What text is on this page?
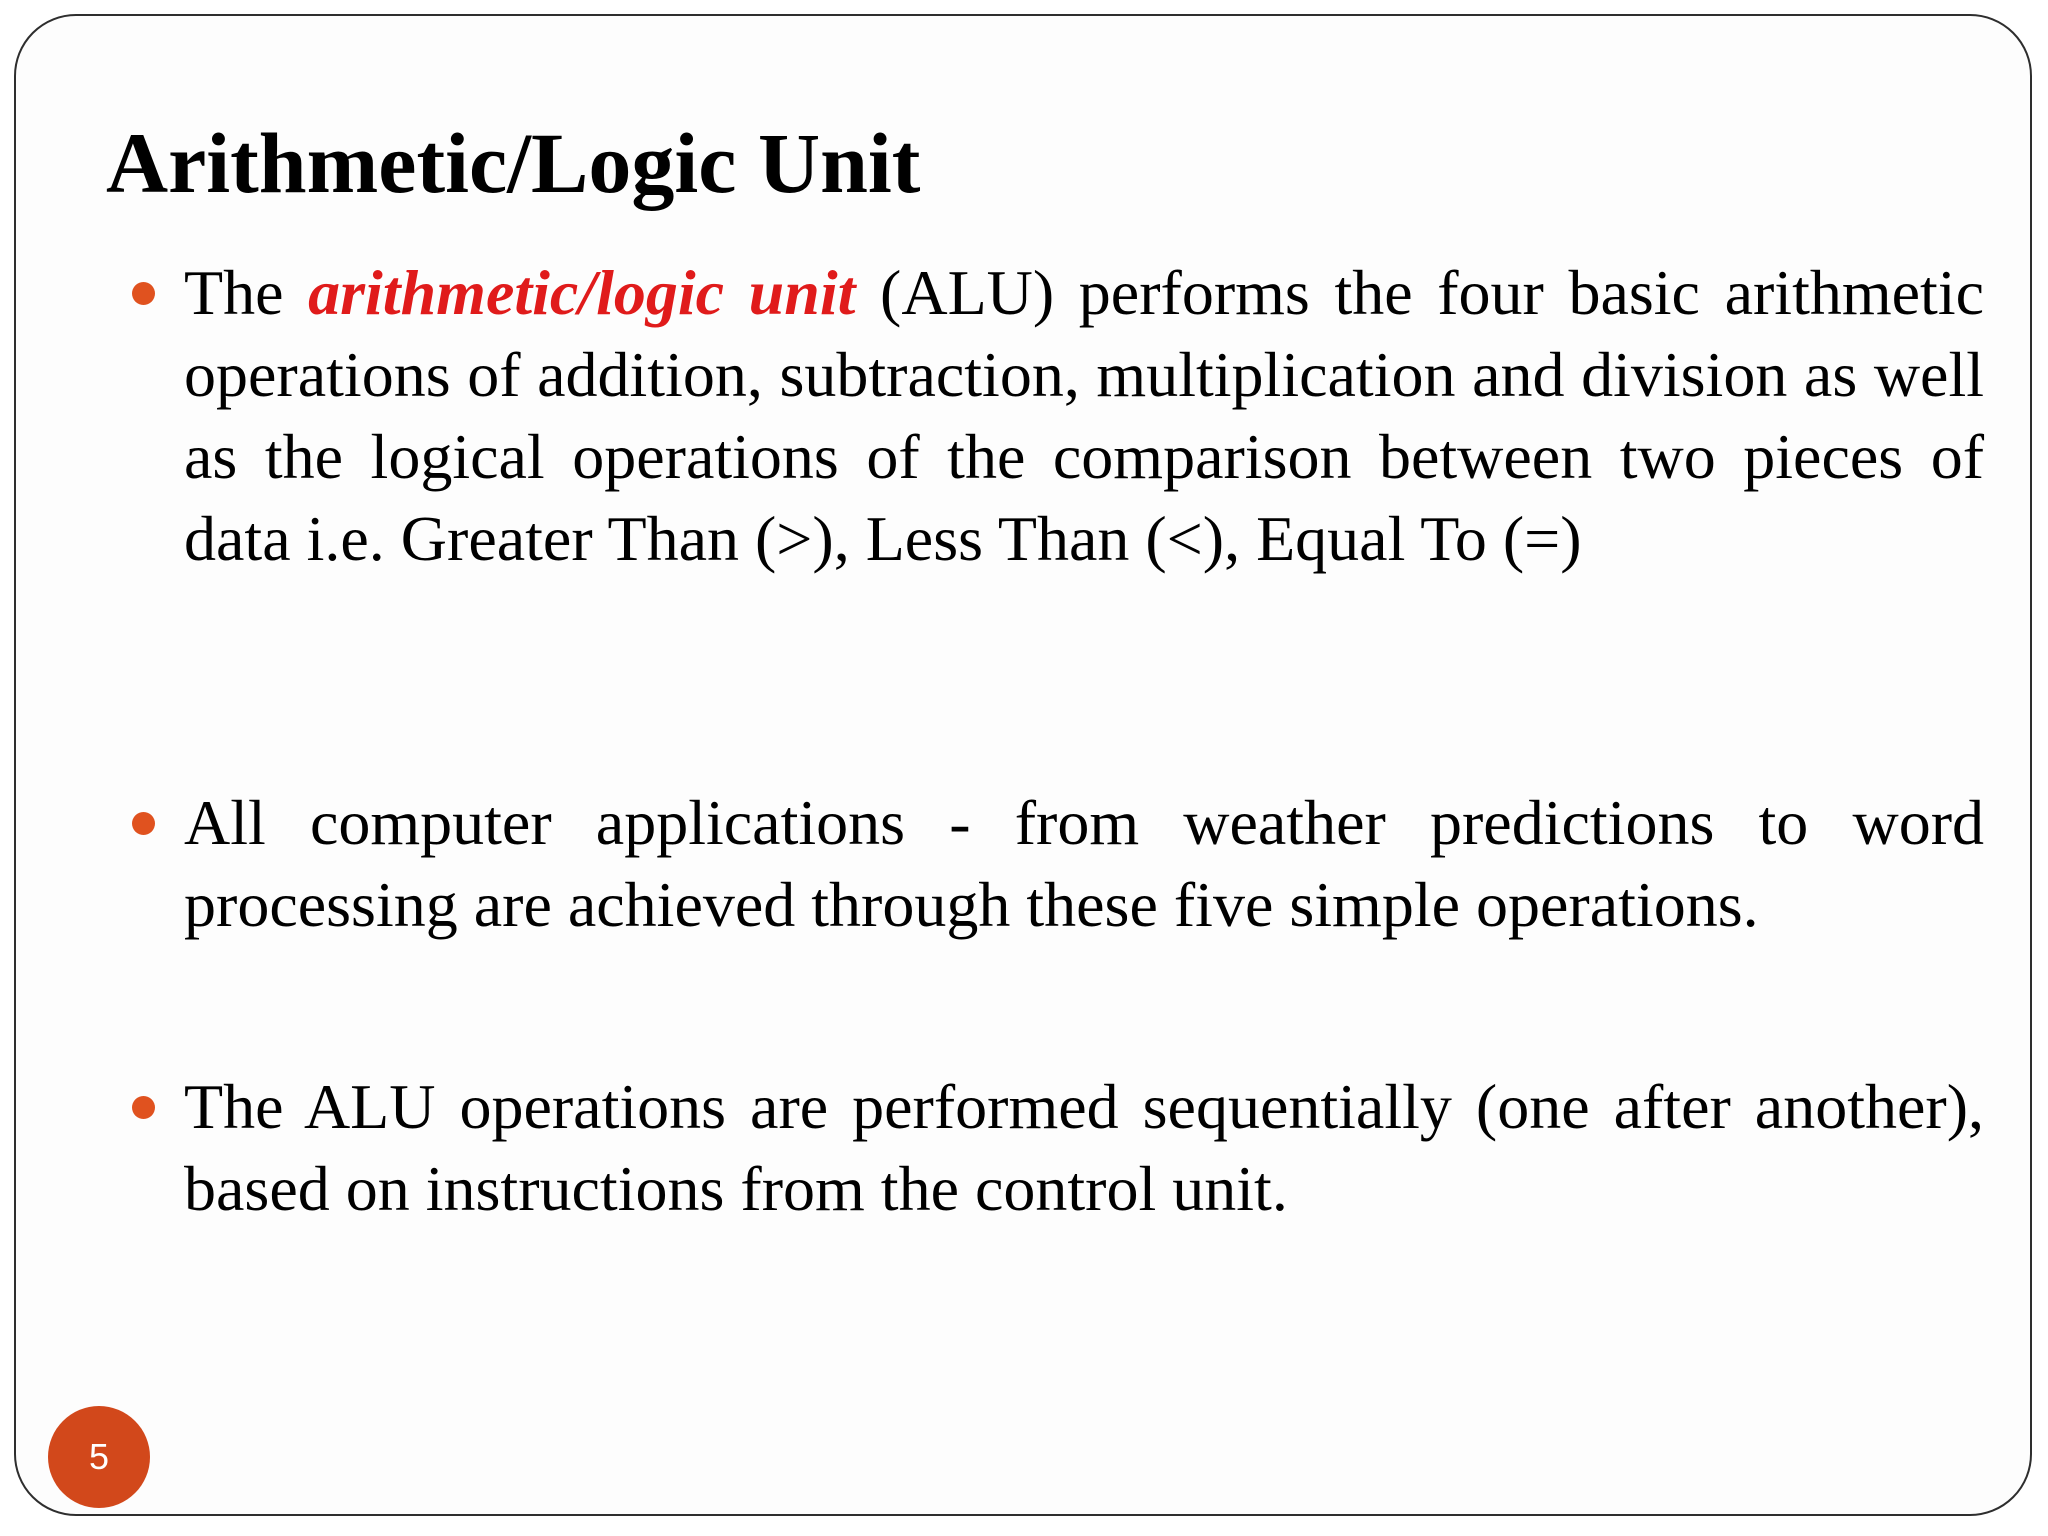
Arithmetic/Logic Unit
The arithmetic/logic unit (ALU) performs the four basic arithmetic operations of addition, subtraction, multiplication and division as well as the logical operations of the comparison between two pieces of data i.e. Greater Than (>), Less Than (<), Equal To (=)
All computer applications - from weather predictions to word processing are achieved through these five simple operations.
The ALU operations are performed sequentially (one after another), based on instructions from the control unit.
5
